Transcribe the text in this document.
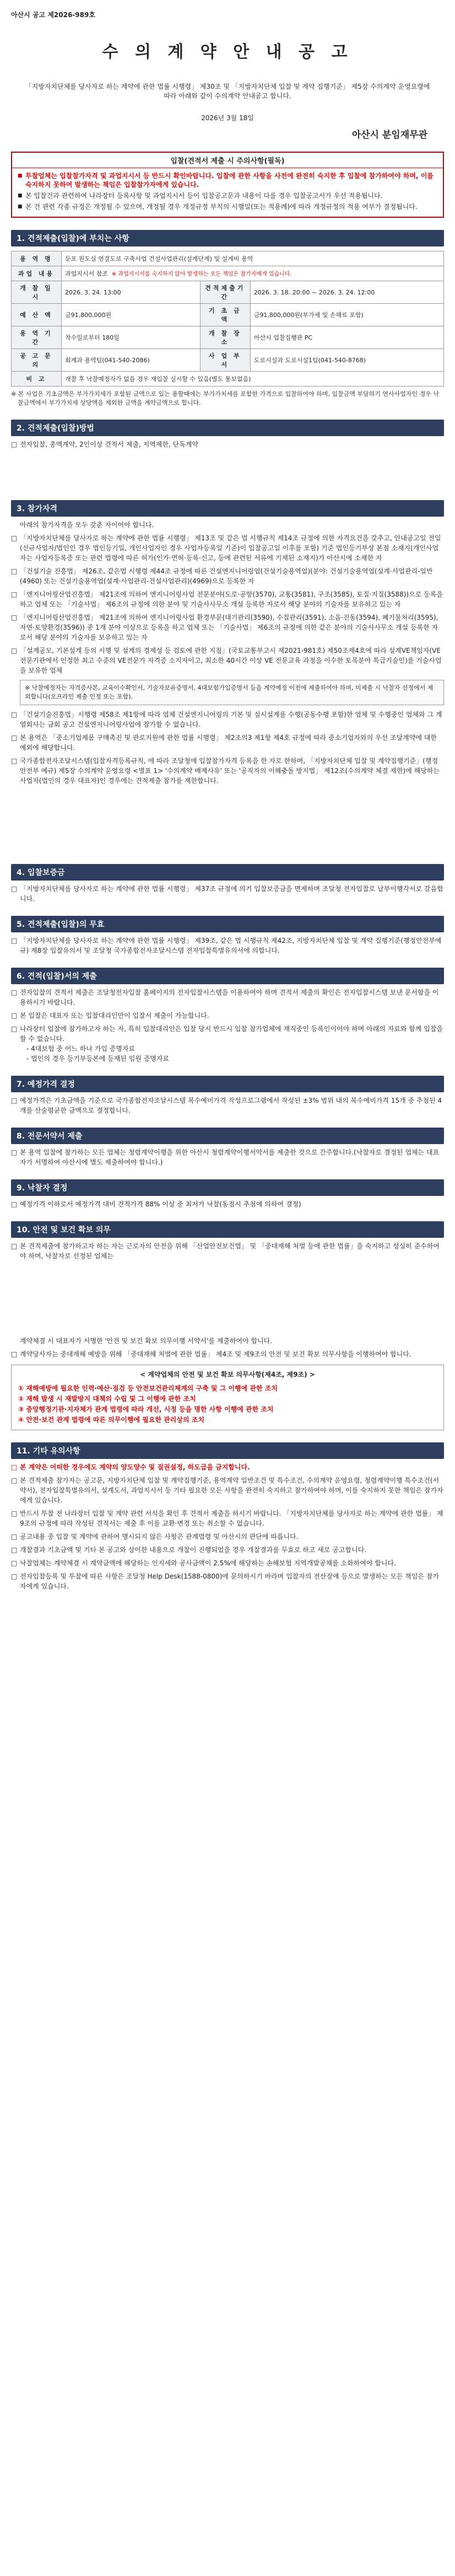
아산시 공고 제2026-989호
수 의 계 약 안 내 공 고
「지방자치단체를 당사자로 하는 계약에 관한 법률 시행령」 제30조 및 「지방자치단체 입찰 및 계약 집행기준」 제5장 수의계약 운영요령에 따라 아래와 같이 수의계약 안내공고 합니다.
2026년 3월 18일
아산시 분임재무관
입찰(견적서 제출 시 주의사항(필독)
■ 투찰업체는 입찰참가자격 및 과업지시서 등 반드시 확인바랍니다. 입찰에 관한 사항을 사전에 완전히 숙지한 후 입찰에 참가하여야 하며, 이를 숙지하지 못하여 발생하는 책임은 입찰참가자에게 있습니다.
■ 본 입찰건과 관련하여 나라장터 등록사항 및 과업지시서 등이 입찰공고문과 내용이 다를 경우 입찰공고서가 우선 적용됩니다.
■ 본 건 관련 각종 규정은 개정될 수 있으며, 개정될 경우 개정규정 부칙의 시행일(또는 적용례)에 따라 개정규정의 적용 여부가 결정됩니다.
1. 견적제출(입찰)에 부치는 사항
용 역 명	둔포 원도심 연결도로 구축사업 건설사업관리(설계단계) 및 설계비 용역		
과업 내용	과업지시서 참조 ※ 과업지시서를 숙지하지 않아 발생하는 모든 책임은 참가자에게 있습니다.		
개 찰 일 시	2026. 3. 24. 13:00	견적제출기간	2026. 3. 18. 20:00 ~ 2026. 3. 24. 12:00
예 산 액	금91,800,000원	기 초 금 액	금91,800,000원(부가세 및 손해료 포함)
용 역 기 간	착수일로부터 180일	개 찰 장 소	아산시 입찰집행관 PC
공 고 문 의	회계과 용역팀(041-540-2086)	사 업 부 서	도로시설과 도로시설1팀(041-540-8768)
비 고	개찰 후 낙찰예정자가 없을 경우 재입찰 실시할 수 있음(별도 통보없음)		
※ 본 사업은 기초금액은 부가가치세가 포함된 금액으로 있는 용할때에는 부가가치세를 포함한 가격으로 입찰하여야 하며, 입찰금액 부담하기 연사사업자인 경우 낙찰금액에서 부가가치세 상당액을 제외한 금액을 계약금액으로 합니다.
2. 견적제출(입찰)방법
□ 전자입찰, 총액계약, 2인이상 견적서 제출, 지역제한, 단독계약
3. 참가자격
아래의 참가자격을 모두 갖춘 자이어야 합니다.
□ 「지방자치단체를 당사자로 하는 계약에 관한 법률 시행령」 제13조 및 같은 법 시행규칙 제14조 규정에 의한 자격요건을 갖추고, 안내공고일 전일(신규사업자/법인인 경우 법인등기일, 개인사업자인 경우 사업자등록일 기준)이 입찰공고일 이후를 포함) 기준 법인등기부상 본점 소재지(개인사업자는 사업자등록증 또는 관련 법령에 따른 허가(인가·면허·등록·신고, 등에 관련된 서류에 기재된 소재지)가 아산시에 소재한 자
□ 「건설기술 진흥법」 제26조, 같은법 시행령 제44조 규정에 따른 건설엔지니어링업(건설기술용역업)(분야: 건설기술용역업(설계·사업관리-일반(4960) 또는 건설기술용역업(설계·사업관리-건설사업관리)(4969)으로 등록한 자
□ 「엔지니어링산업진흥법」 제21조에 의하여 엔지니어링사업 전문분야(도로·공항(3570), 교통(3581), 구조(3585), 토질·지질(3588))으로 등록을 하고 업체 또는 「기술사법」 제6조의 규정에 의한 분야 및 기술사사무소 개설 등록한 자로서 해당 분야의 기술자를 보유하고 있는 자
□ 「엔지니어링산업진흥법」 제21조에 의하여 엔지니어링사업 환경부문(대기관리(3590), 수질관리(3591), 소음·진동(3594), 폐기물처리(3595), 자연·토양환경(3596)) 중 1개 분야 이상으로 등록을 하고 업체 또는 「기술사법」 제6조의 규정에 의한 같은 분야의 기술사사무소 개설 등록한 자로서 해당 분야의 기술자를 보유하고 있는 자
□ 「설계공모, 기본설계 등의 시행 및 설계의 경제성 등 검토에 관한 지침」(국토교통부고시 제2021-981호) 제50조제4호에 따라 설계VE책임자(VE전문기관에서 인정한 최고 수준의 VE전문가 자격증 소지자이고, 최소한 40시간 이상 VE 전문교육 과정을 이수한 토목분야 특급기술인)를 기술사업을 보유한 업체
※ 낙찰예정자는 자격증사본, 교육이수확인서, 기술자보유증명서, 4대보험가입증명서 등을 계약예정 이전에 제출하여야 하며, 미제출 시 낙찰자 선정에서 제외합니다(오프라인 제출 인정 또는 포함).
□ 「건설기술진흥법」시행령 제58조 제1항에 따라 업체 건설엔지니어링의 기본 및 실시설계를 수행(공동수행 포함)한 업체 및 수행중인 업체와 그 계열회사는 금회 공고 건설엔지니어링사업에 참가할 수 없습니다.
□ 본 용역은 「중소기업제품 구매촉진 및 판로지원에 관한 법률 시행령」 제2조의3 제1항 제4호 규정에 따라 중소기업자와의 우선 조달계약에 대한 예외에 해당합니다.
□ 국가종합전자조달시스템(입찰자격등록규칙, 에 따라 조달청에 입찰참가자격 등록을 한 자로 한하며, 「지방자치단체 입찰 및 계약집행기준」(행정안전부 예규) 제5장 수의계약 운영요령 <별표 1> '수의계약 배제사유' 또는 '공직자의 이해충돌 방지법」 제12조(수의계약 체결 제한)에 해당하는 사업자(법인의 경우 대표자)인 경우에는 견적제출 참가를 제한합니다.
4. 입찰보증금
□ 「지방자치단체를 당사자로 하는 계약에 관한 법률 시행령」 제37조 규정에 의거 입찰보증금을 면제하며 조달청 전자입찰로 납부이행각서로 갈음합니다.
5. 견적제출(입찰)의 무효
□ 「지방자치단체를 당사자로 하는 계약에 관한 법률 시행령」 제39조, 같은 법 시행규칙 제42조, 지방자치단체 입찰 및 계약 집행기준(행정안전부예규) 제8장 입찰유의서 및 조달청 국가종합전자조달시스템 전자입찰특별유의서에 의합니다.
6. 견적(입찰)서의 제출
□ 전자입찰의 견적서 제출은 조달청전자입찰 홈페이지의 전자입찰시스템을 이용하여야 하며 견적서 제출의 확인은 전자입찰시스템 보낸 문서함을 이용하시기 바랍니다.
□ 본 입찰은 대표자 또는 입찰대리인만이 입찰서 제출이 가능합니다.
□ 나라장터 입찰에 참가하고자 하는 자, 특히 입찰대리인은 입찰 당시 반드시 입찰 참가업체에 재직중인 등록인이어야 하며 아래의 자료와 함께 입찰을 할 수 없습니다.
- 4대보험 중 어느 하나 가입 증명자료
- 법인의 경우 등기부등본에 등재된 임원 증명자료
7. 예정가격 결정
□ 예정가격은 기초금액을 기준으로 국가종합전자조달시스템 복수예비가격 작성프로그램에서 작성된 ±3% 범위 내의 복수예비가격 15개 중 추첨된 4개를 산술평균한 금액으로 결정합니다.
8. 전문서약서 제출
□ 본 용역 입찰에 참가하는 모든 업체는 청렴계약이행을 위한 아산시 청렴계약이행서약서를 제출한 것으로 간주합니다.(낙찰자로 결정된 업체는 대표자가 서명하여 아산시에 별도 제출하여야 합니다.)
9. 낙찰자 결정
□ 예정가격 이하로서 예정가격 대비 견적가격 88% 이상 중 최저가 낙찰(동점시 추첨에 의하여 결정)
10. 안전 및 보건 확보 의무
□ 본 견적제출에 참가하고자 하는 자는 근로자의 안전을 위해 「산업안전보건법」 및 「중대재해 처벌 등에 관한 법률」을 숙지하고 성실히 준수하여야 하며, 낙찰자로 선정된 업체는
계약체결 시 대표자가 서명한 '안전 및 보건 확보 의무이행 서약서'를 제출하여야 합니다.
□ 계약당사자는 중대재해 예방을 위해 「중대재해 처벌에 관한 법률」 제4조 및 제9조의 안전 및 보건 확보 의무사항을 이행하여야 합니다.
< 계약업체의 안전 및 보건 확보 의무사항(제4조, 제9조) >
① 재해예방에 필요한 인력·예산·점검 등 안전보건관리체계의 구축 및 그 이행에 관한 조치
② 재해 발생 시 재발방지 대책의 수립 및 그 이행에 관한 조치
③ 중앙행정기관·지자체가 관계 법령에 따라 개선, 시정 등을 명한 사항 이행에 관한 조치
④ 안전·보건 관계 법령에 따른 의무이행에 필요한 관리상의 조치
11. 기타 유의사항
□ 본 계약은 어떠한 경우에도 계약의 양도양수 및 질권설정, 하도급을 금지합니다.
□ 본 견적제출 참가자는 공고문, 지방자치단체 입찰 및 계약집행기준, 용역계약 일반조건 및 특수조건, 수의계약 운영요령, 청렴계약이행 특수조건(서약서), 전자입찰특별유의서, 설계도서, 과업지시서 등 기타 필요한 모든 사항을 완전히 숙지하고 참가하여야 하며, 이를 숙지하지 못한 책임은 참가자에게 있습니다.
□ 반드시 투찰 전 나라장터 입찰 및 계약 관련 서식을 확인 후 견적서 제출을 하시기 바랍니다. 「지방자치단체를 당사자로 하는 계약에 관한 법률」 제9조의 규정에 따라 작성된 견적서는 제출 후 이를 교환·변경 또는 취소할 수 없습니다.
□ 공고내용 중 입찰 및 계약에 관하여 명시되지 않은 사항은 관계법령 및 아산시의 판단에 따릅니다.
□ 개찰결과 기초금액 및 기타 본 공고와 상이한 내용으로 개찰이 진행되었을 경우 개찰결과를 무효로 하고 새로 공고합니다.
□ 낙찰업체는 계약체결 시 계약금액에 해당하는 인지세와 공사금액이 2.5%에 해당하는 손해보험 지역개발공채를 소화하여야 합니다.
□ 전자입찰등록 및 투찰에 따른 사항은 조달청 Help Desk(1588-0800)에 문의하시기 바라며 입찰자의 전산장애 등으로 발생하는 모든 책임은 참가자에게 있습니다.
